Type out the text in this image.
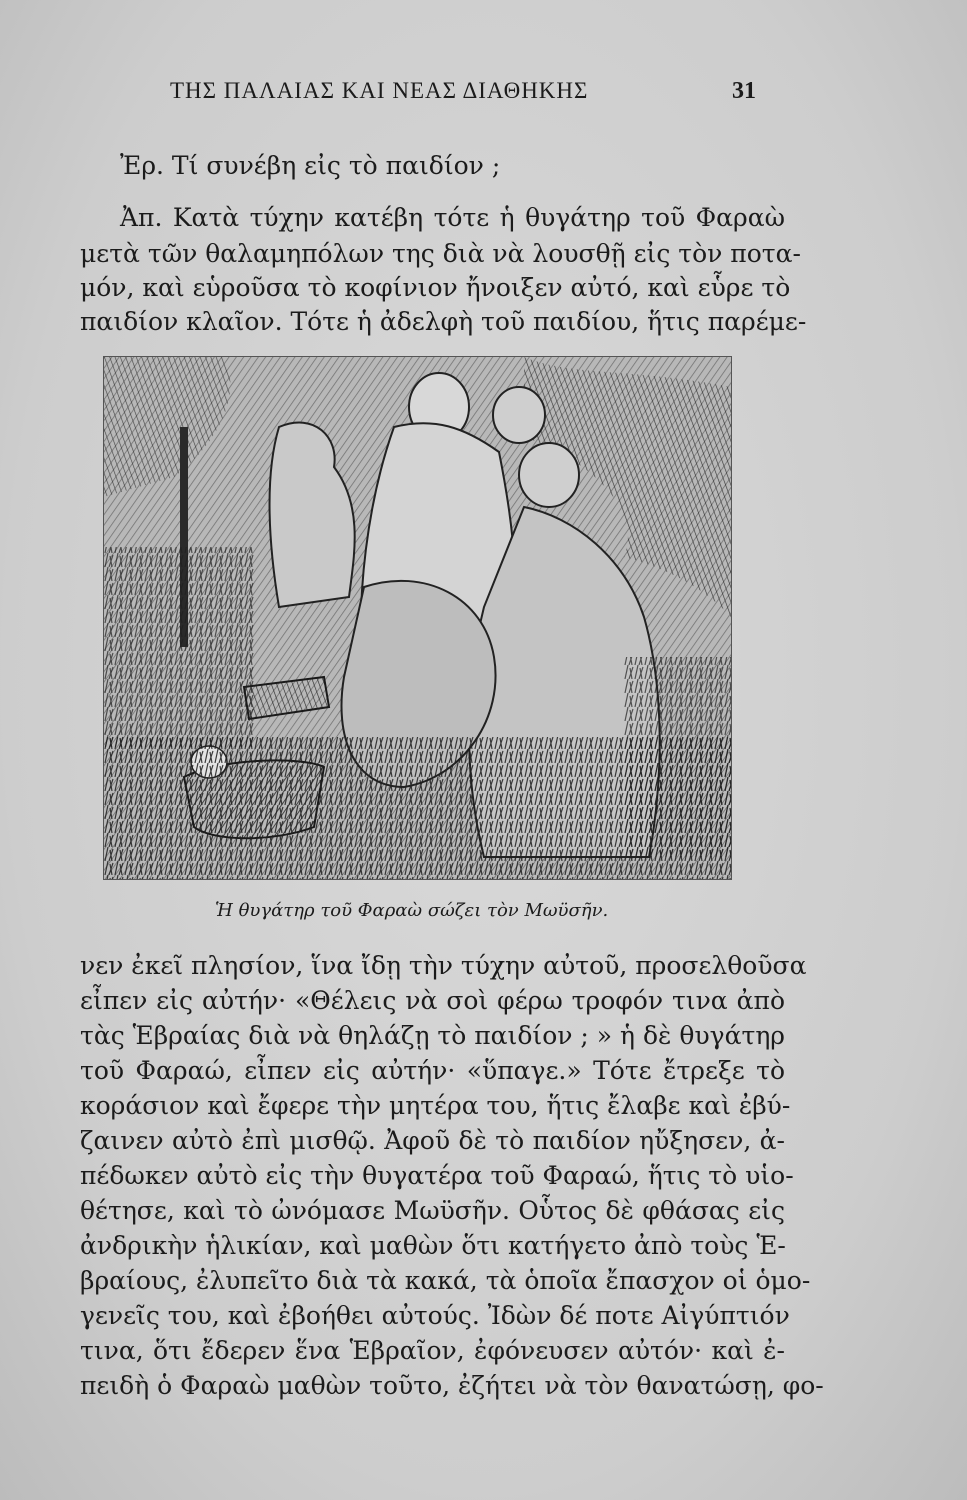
ΤΗΣ ΠΑΛΑΙΑΣ ΚΑΙ ΝΕΑΣ ΔΙΑΘΗΚΗΣ	31
Ἐρ. Τί συνέβη εἰς τὸ παιδίον ;
Ἀπ. Κατὰ τύχην κατέβη τότε ἡ θυγάτηρ τοῦ Φαραὼ
μετὰ τῶν θαλαμηπόλων της διὰ νὰ λουσθῇ εἰς τὸν ποτα-
μόν, καὶ εὑροῦσα τὸ κοφίνιον ἤνοιξεν αὐτό, καὶ εὗρε τὸ
παιδίον κλαῖον. Τότε ἡ ἀδελφὴ τοῦ παιδίου, ἥτις παρέμε-
Ἡ θυγάτηρ τοῦ Φαραὼ σώζει τὸν Μωϋσῆν.
νεν ἐκεῖ πλησίον, ἵνα ἴδῃ τὴν τύχην αὐτοῦ, προσελθοῦσα
εἶπεν εἰς αὐτήν· «Θέλεις νὰ σοὶ φέρω τροφόν τινα ἀπὸ
τὰς Ἑβραίας διὰ νὰ θηλάζῃ τὸ παιδίον ; » ἡ δὲ θυγάτηρ
τοῦ Φαραώ, εἶπεν εἰς αὐτήν· «ὕπαγε.» Τότε ἔτρεξε τὸ
κοράσιον καὶ ἔφερε τὴν μητέρα του, ἥτις ἔλαβε καὶ ἐβύ-
ζαινεν αὐτὸ ἐπὶ μισθῷ. Ἀφοῦ δὲ τὸ παιδίον ηὔξησεν, ἀ-
πέδωκεν αὐτὸ εἰς τὴν θυγατέρα τοῦ Φαραώ, ἥτις τὸ υἱο-
θέτησε, καὶ τὸ ὠνόμασε Μωϋσῆν. Οὗτος δὲ φθάσας εἰς
ἀνδρικὴν ἡλικίαν, καὶ μαθὼν ὅτι κατήγετο ἀπὸ τοὺς Ἑ-
βραίους, ἐλυπεῖτο διὰ τὰ κακά, τὰ ὁποῖα ἔπασχον οἱ ὁμο-
γενεῖς του, καὶ ἐβοήθει αὐτούς. Ἰδὼν δέ ποτε Αἰγύπτιόν
τινα, ὅτι ἔδερεν ἕνα Ἑβραῖον, ἐφόνευσεν αὐτόν· καὶ ἐ-
πειδὴ ὁ Φαραὼ μαθὼν τοῦτο, ἐζήτει νὰ τὸν θανατώσῃ, φο-
